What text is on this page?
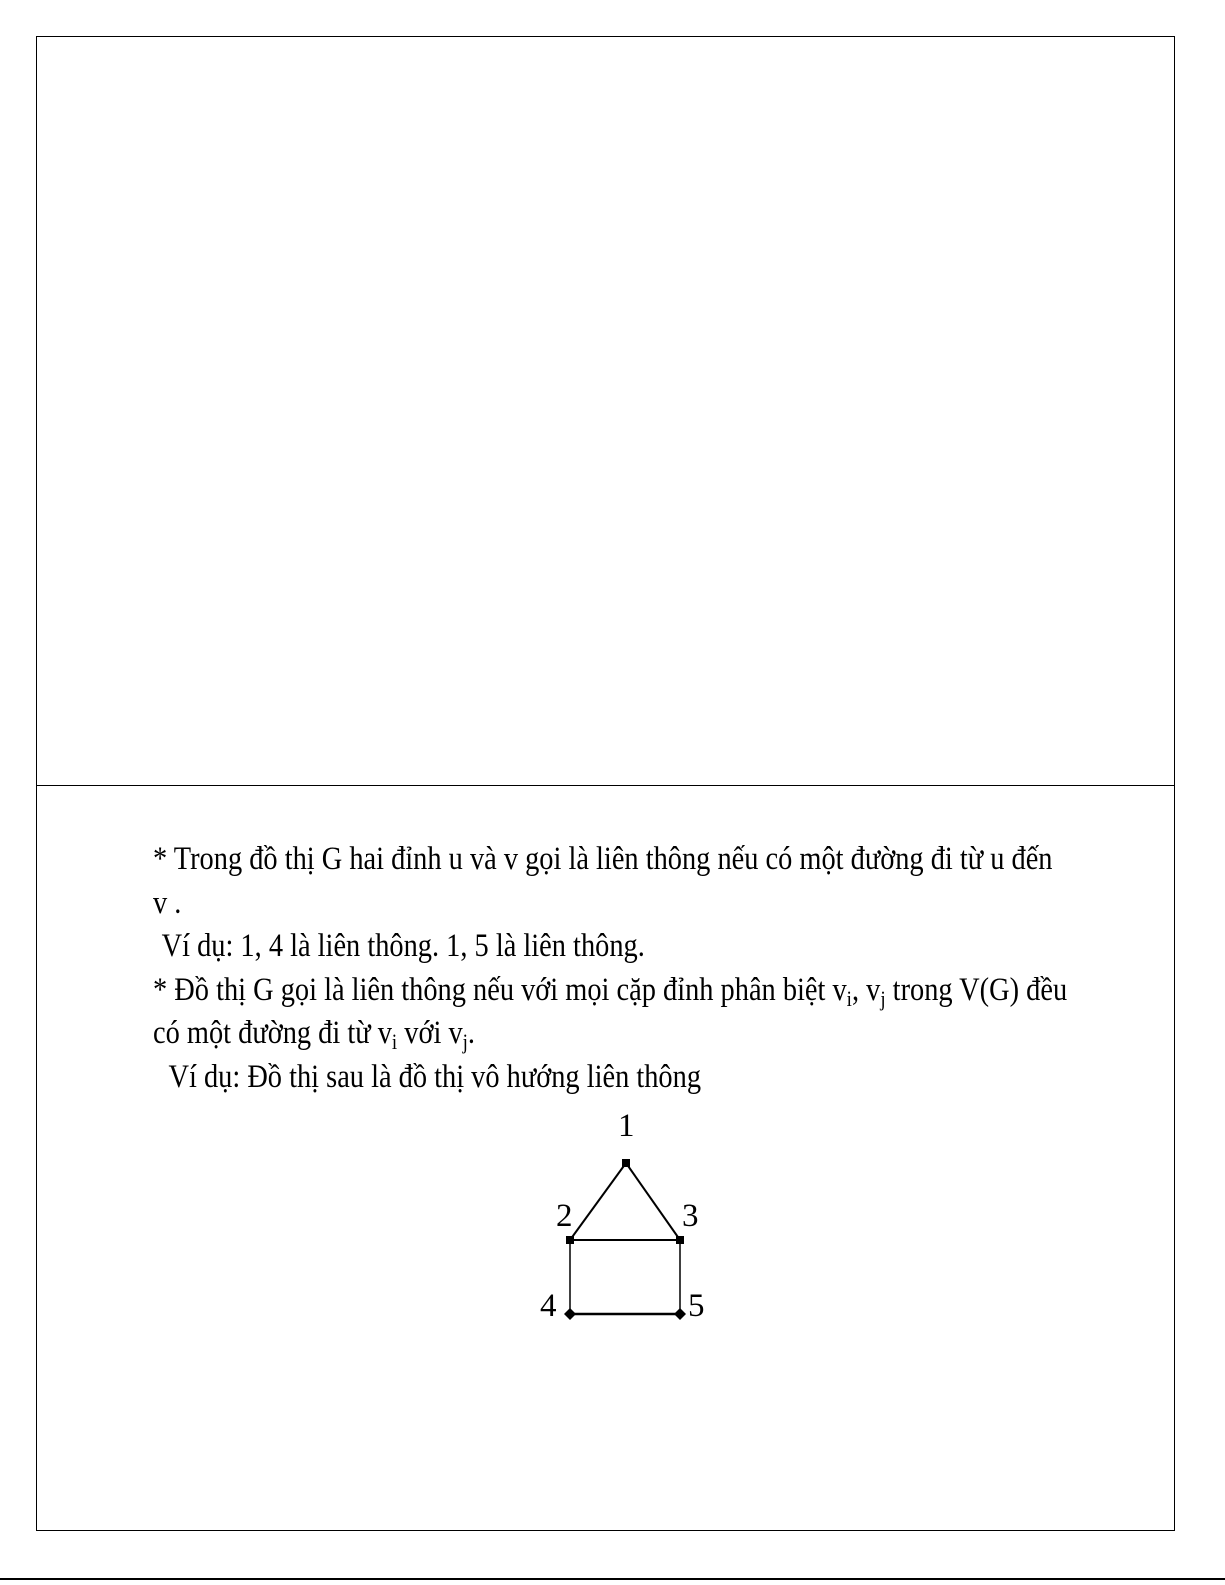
* Trong đồ thị G hai đỉnh u và v gọi là liên thông nếu có một đường đi từ u đến
v .
Ví dụ: 1, 4 là liên thông. 1, 5 là liên thông.
* Đồ thị G gọi là liên thông nếu với mọi cặp đỉnh phân biệt $v_i$, $v_j$ trong V(G) đều
có một đường đi từ $v_i$ với $v_j$.
Ví dụ: Đồ thị sau là đồ thị vô hướng liên thông
1
2	3
4	5
